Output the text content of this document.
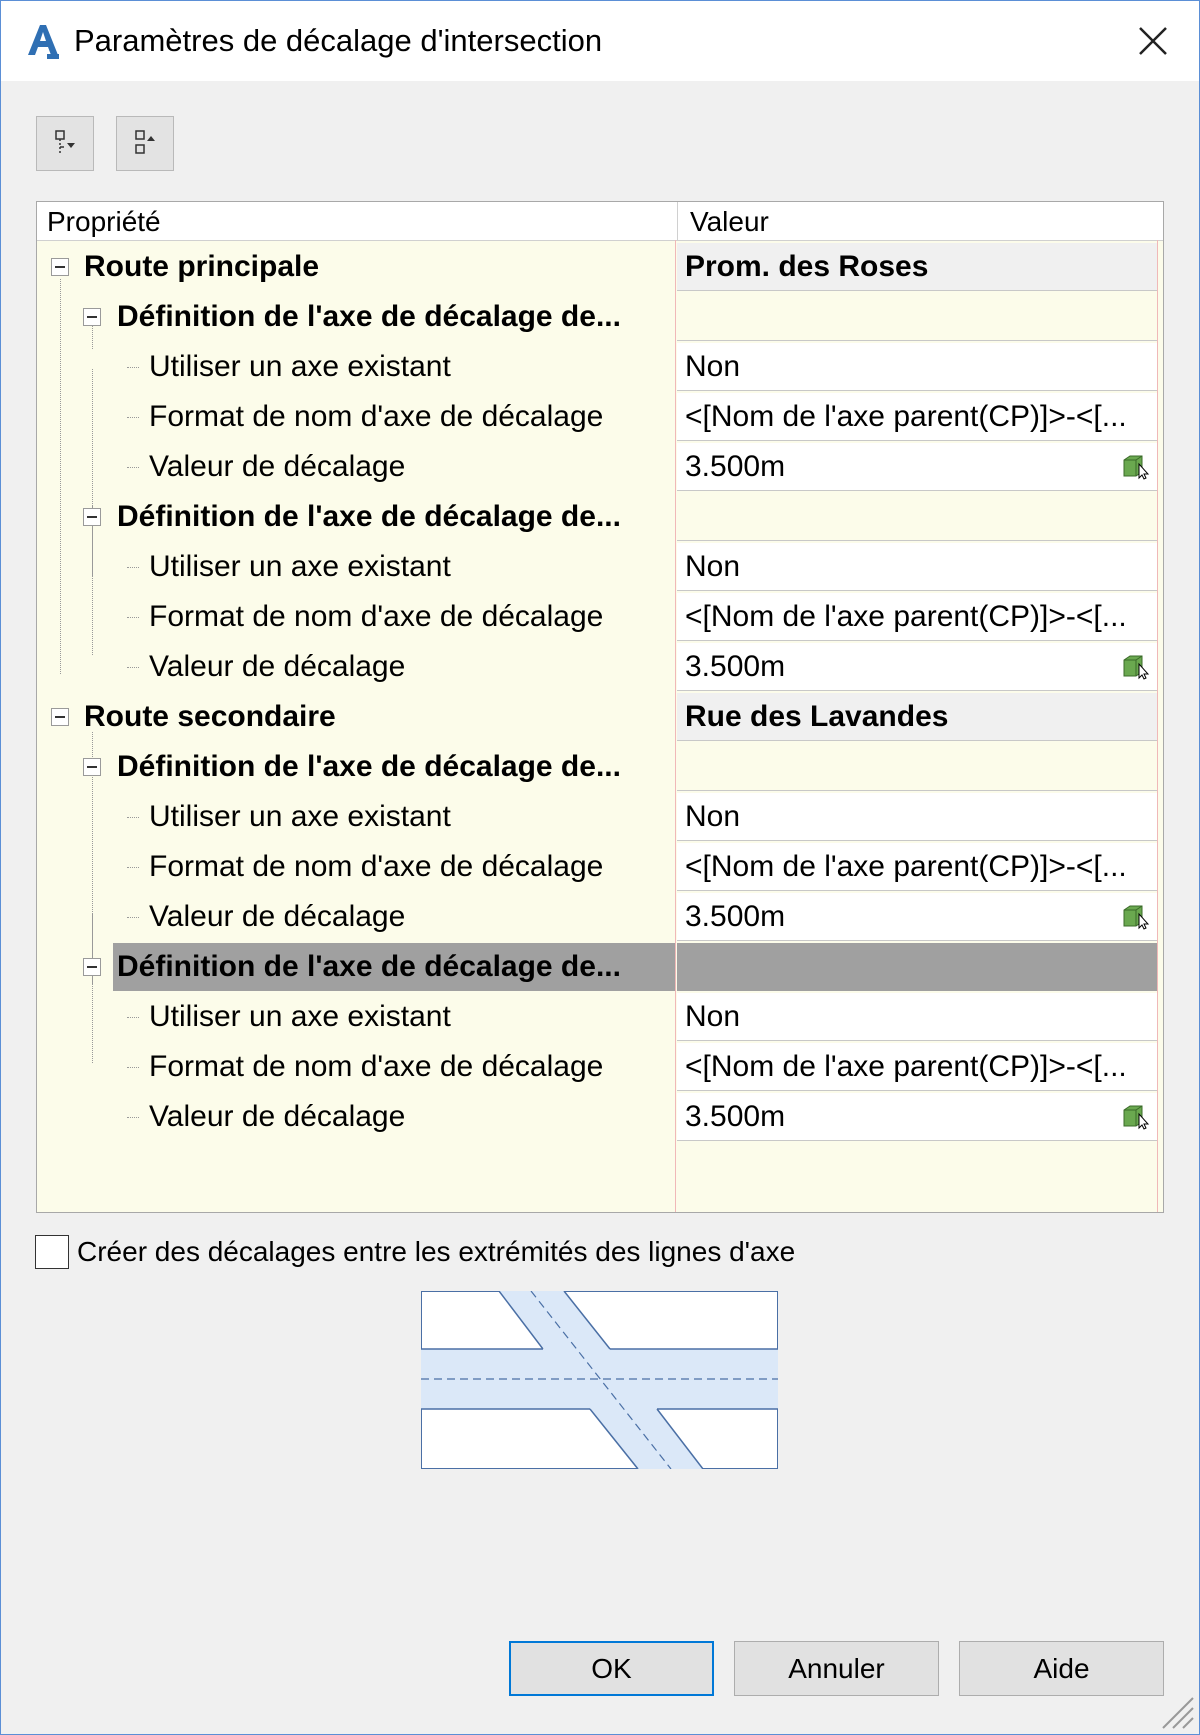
Paramètres de décalage d'intersection
Propriété	Valeur
Route principale	Prom. des Roses
Définition de l'axe de décalage de...
Utiliser un axe existant	Non
Format de nom d'axe de décalage	<[Nom de l'axe parent(CP)]>-<[...
Valeur de décalage	3.500m
Définition de l'axe de décalage de...
Utiliser un axe existant	Non
Format de nom d'axe de décalage	<[Nom de l'axe parent(CP)]>-<[...
Valeur de décalage	3.500m
Route secondaire	Rue des Lavandes
Définition de l'axe de décalage de...
Utiliser un axe existant	Non
Format de nom d'axe de décalage	<[Nom de l'axe parent(CP)]>-<[...
Valeur de décalage	3.500m
Définition de l'axe de décalage de...
Utiliser un axe existant	Non
Format de nom d'axe de décalage	<[Nom de l'axe parent(CP)]>-<[...
Valeur de décalage	3.500m
Créer des décalages entre les extrémités des lignes d'axe
OK	Annuler	Aide
